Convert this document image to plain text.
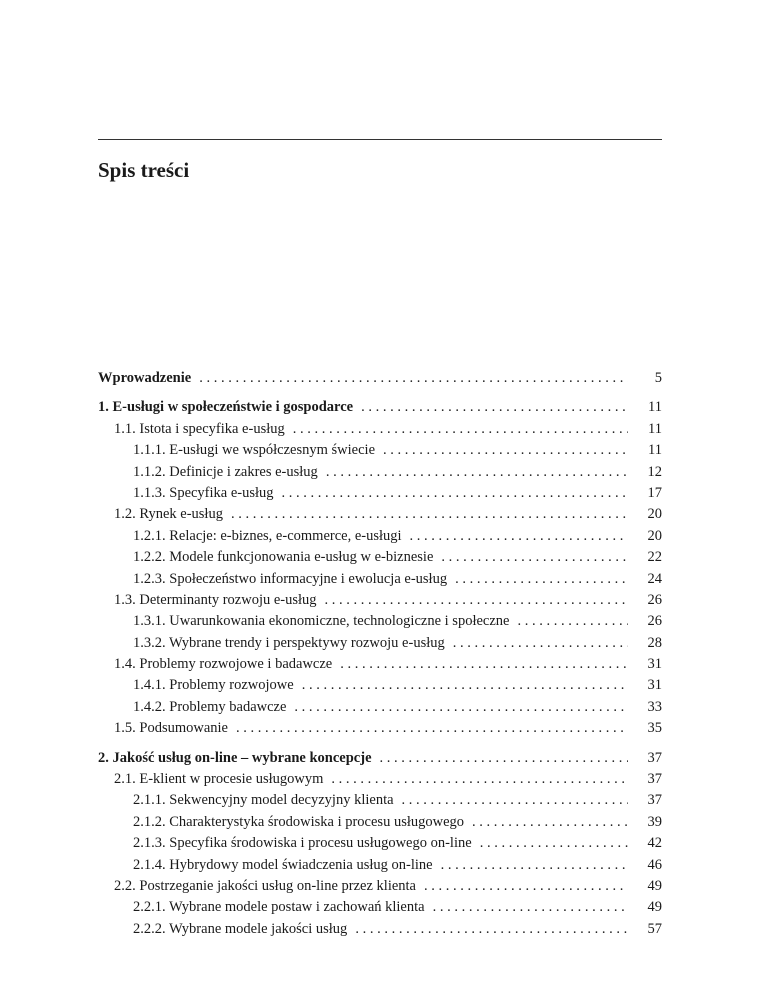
Spis treści
Wprowadzenie . . .	5
1. E-usługi w społeczeństwie i gospodarce . . .	11
1.1. Istota i specyfika e-usług . . .	11
1.1.1. E-usługi we współczesnym świecie . . .	11
1.1.2. Definicje i zakres e-usług . . .	12
1.1.3. Specyfika e-usług . . .	17
1.2. Rynek e-usług . . .	20
1.2.1. Relacje: e-biznes, e-commerce, e-usługi . . .	20
1.2.2. Modele funkcjonowania e-usług w e-biznesie . . .	22
1.2.3. Społeczeństwo informacyjne i ewolucja e-usług . . .	24
1.3. Determinanty rozwoju e-usług . . .	26
1.3.1. Uwarunkowania ekonomiczne, technologiczne i społeczne . . .	26
1.3.2. Wybrane trendy i perspektywy rozwoju e-usług . . .	28
1.4. Problemy rozwojowe i badawcze . . .	31
1.4.1. Problemy rozwojowe . . .	31
1.4.2. Problemy badawcze . . .	33
1.5. Podsumowanie . . .	35
2. Jakość usług on-line – wybrane koncepcje . . .	37
2.1. E-klient w procesie usługowym . . .	37
2.1.1. Sekwencyjny model decyzyjny klienta . . .	37
2.1.2. Charakterystyka środowiska i procesu usługowego . . .	39
2.1.3. Specyfika środowiska i procesu usługowego on-line . . .	42
2.1.4. Hybrydowy model świadczenia usług on-line . . .	46
2.2. Postrzeganie jakości usług on-line przez klienta . . .	49
2.2.1. Wybrane modele postaw i zachowań klienta . . .	49
2.2.2. Wybrane modele jakości usług . . .	57
